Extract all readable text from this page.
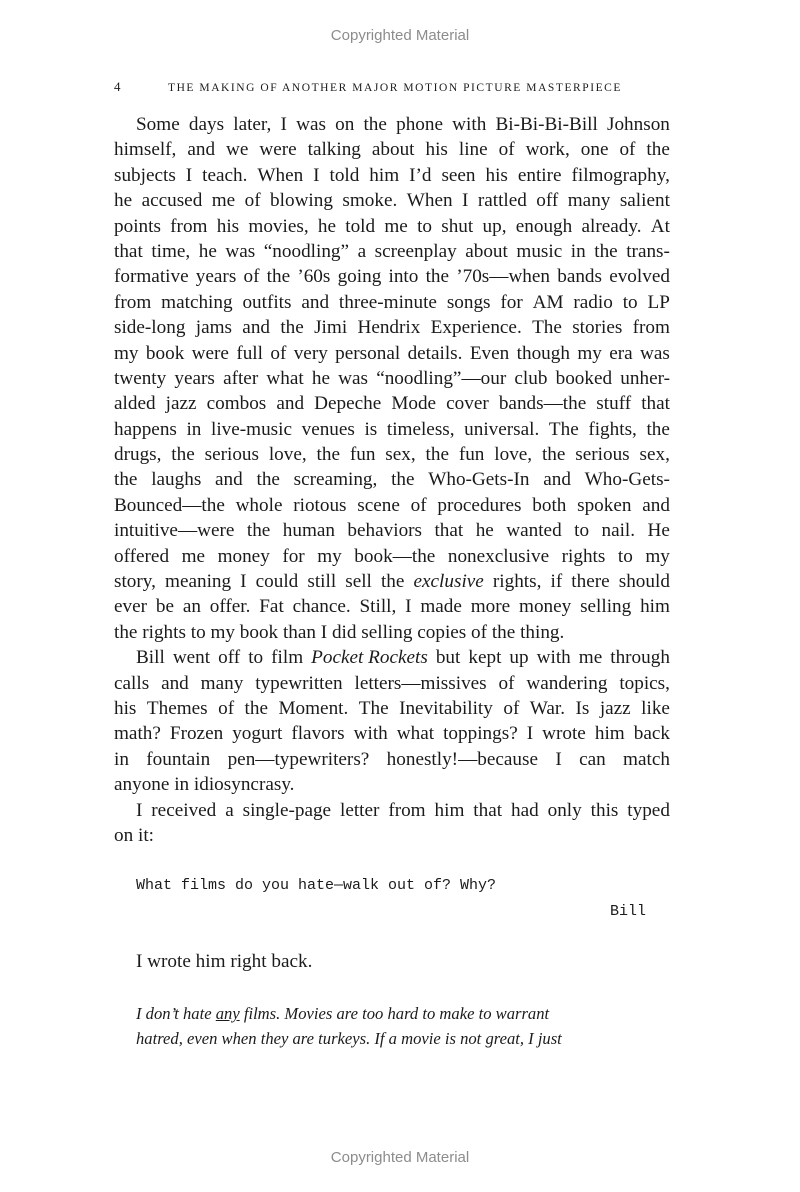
Copyrighted Material
4	THE MAKING OF ANOTHER MAJOR MOTION PICTURE MASTERPIECE
Some days later, I was on the phone with Bi-Bi-Bi-Bill Johnson
himself, and we were talking about his line of work, one of the
subjects I teach. When I told him I’d seen his entire filmography,
he accused me of blowing smoke. When I rattled off many salient
points from his movies, he told me to shut up, enough already. At
that time, he was “noodling” a screenplay about music in the trans-
formative years of the ’60s going into the ’70s—when bands evolved
from matching outfits and three-minute songs for AM radio to LP
side-long jams and the Jimi Hendrix Experience. The stories from
my book were full of very personal details. Even though my era was
twenty years after what he was “noodling”—our club booked unher-
alded jazz combos and Depeche Mode cover bands—the stuff that
happens in live-music venues is timeless, universal. The fights, the
drugs, the serious love, the fun sex, the fun love, the serious sex,
the laughs and the screaming, the Who-Gets-In and Who-Gets-
Bounced—the whole riotous scene of procedures both spoken and
intuitive—were the human behaviors that he wanted to nail. He
offered me money for my book—the nonexclusive rights to my
story, meaning I could still sell the exclusive rights, if there should
ever be an offer. Fat chance. Still, I made more money selling him
the rights to my book than I did selling copies of the thing.
Bill went off to film Pocket Rockets but kept up with me through
calls and many typewritten letters—missives of wandering topics,
his Themes of the Moment. The Inevitability of War. Is jazz like
math? Frozen yogurt flavors with what toppings? I wrote him back
in fountain pen—typewriters? honestly!—because I can match
anyone in idiosyncrasy.
I received a single-page letter from him that had only this typed
on it:
What films do you hate—walk out of? Why?
Bill
I wrote him right back.
I don’t hate any films. Movies are too hard to make to warrant
hatred, even when they are turkeys. If a movie is not great, I just
Copyrighted Material
